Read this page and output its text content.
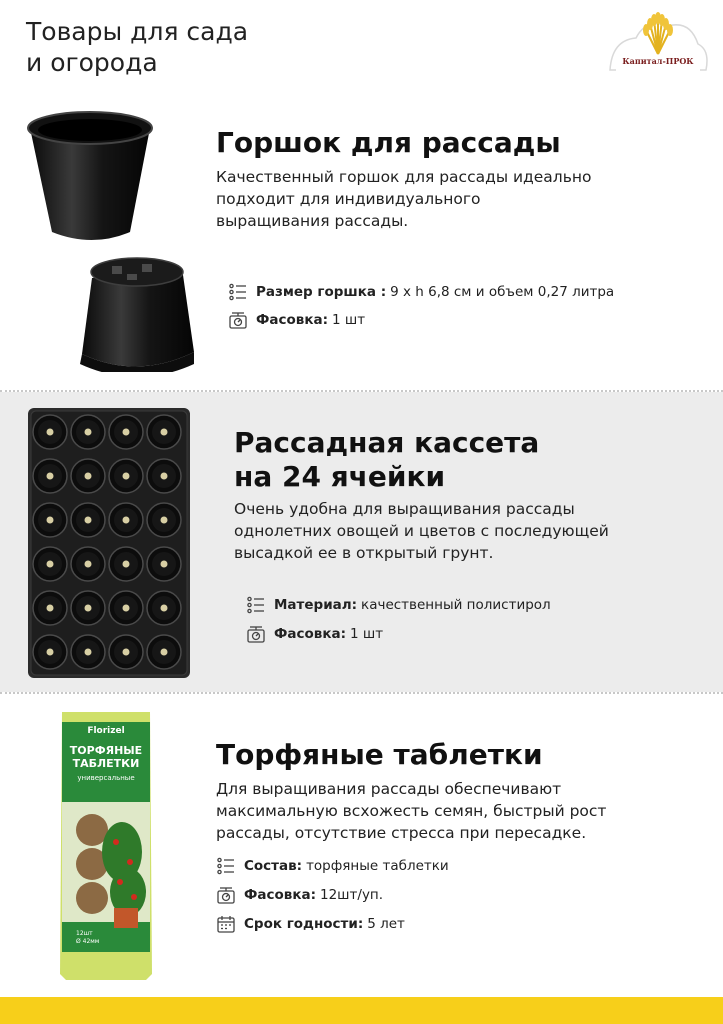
Товары для сада
и огорода	Капитал-ПРОК
Горшок для рассады
Качественный горшок для рассады идеально подходит для индивидуального выращивания рассады.
Размер горшка : 9 х h 6,8 см и объем 0,27 литра
Фасовка: 1 шт
Рассадная кассета
на 24 ячейки
Очень удобна для выращивания рассады однолетних овощей и цветов с последующей высадкой ее в открытый грунт.
Материал: качественный полистирол
Фасовка: 1 шт
Florizel
ТОРФЯНЫЕ
ТАБЛЕТКИ
универсальные
12шт
Ø 42мм
Торфяные таблетки
Для выращивания рассады обеспечивают максимальную всхожесть семян, быстрый рост рассады, отсутствие стресса при пересадке.
Состав: торфяные таблетки
Фасовка: 12шт/уп.
Срок годности: 5 лет
